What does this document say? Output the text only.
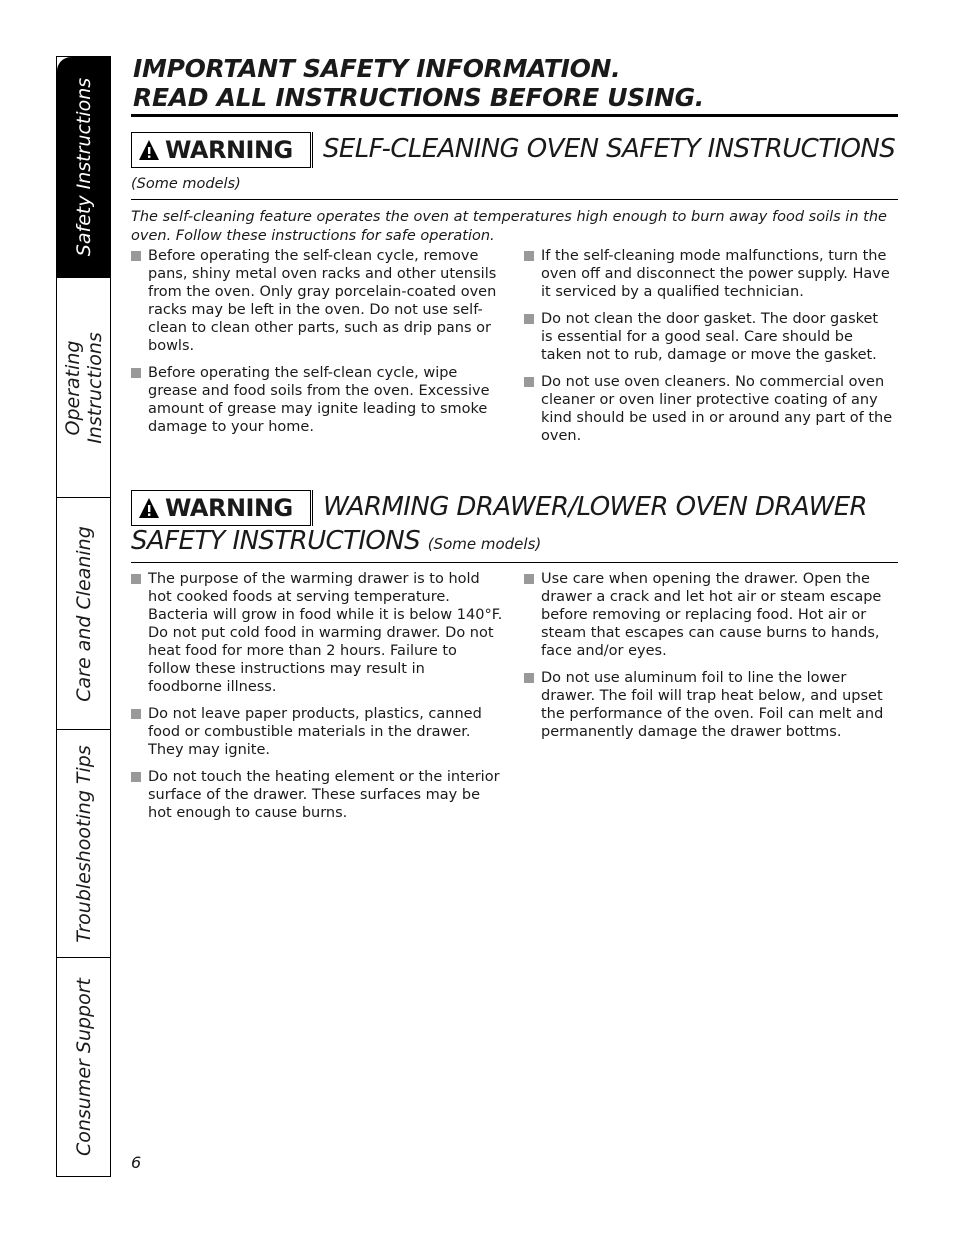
Safety Instructions
Operating Instructions
Care and Cleaning
Troubleshooting Tips
Consumer Support
IMPORTANT SAFETY INFORMATION.
READ ALL INSTRUCTIONS BEFORE USING.
WARNING SELF-CLEANING OVEN SAFETY INSTRUCTIONS
(Some models)
The self-cleaning feature operates the oven at temperatures high enough to burn away food soils in the oven. Follow these instructions for safe operation.
Before operating the self-clean cycle, remove pans, shiny metal oven racks and other utensils from the oven. Only gray porcelain-coated oven racks may be left in the oven. Do not use self-clean to clean other parts, such as drip pans or bowls.
Before operating the self-clean cycle, wipe grease and food soils from the oven. Excessive amount of grease may ignite leading to smoke damage to your home.
If the self-cleaning mode malfunctions, turn the oven off and disconnect the power supply. Have it serviced by a qualified technician.
Do not clean the door gasket. The door gasket is essential for a good seal. Care should be taken not to rub, damage or move the gasket.
Do not use oven cleaners. No commercial oven cleaner or oven liner protective coating of any kind should be used in or around any part of the oven.
WARNING WARMING DRAWER/LOWER OVEN DRAWER
SAFETY INSTRUCTIONS (Some models)
The purpose of the warming drawer is to hold hot cooked foods at serving temperature. Bacteria will grow in food while it is below 140°F. Do not put cold food in warming drawer. Do not heat food for more than 2 hours. Failure to follow these instructions may result in foodborne illness.
Do not leave paper products, plastics, canned food or combustible materials in the drawer. They may ignite.
Do not touch the heating element or the interior surface of the drawer. These surfaces may be hot enough to cause burns.
Use care when opening the drawer. Open the drawer a crack and let hot air or steam escape before removing or replacing food. Hot air or steam that escapes can cause burns to hands, face and/or eyes.
Do not use aluminum foil to line the lower drawer. The foil will trap heat below, and upset the performance of the oven. Foil can melt and permanently damage the drawer bottms.
6
